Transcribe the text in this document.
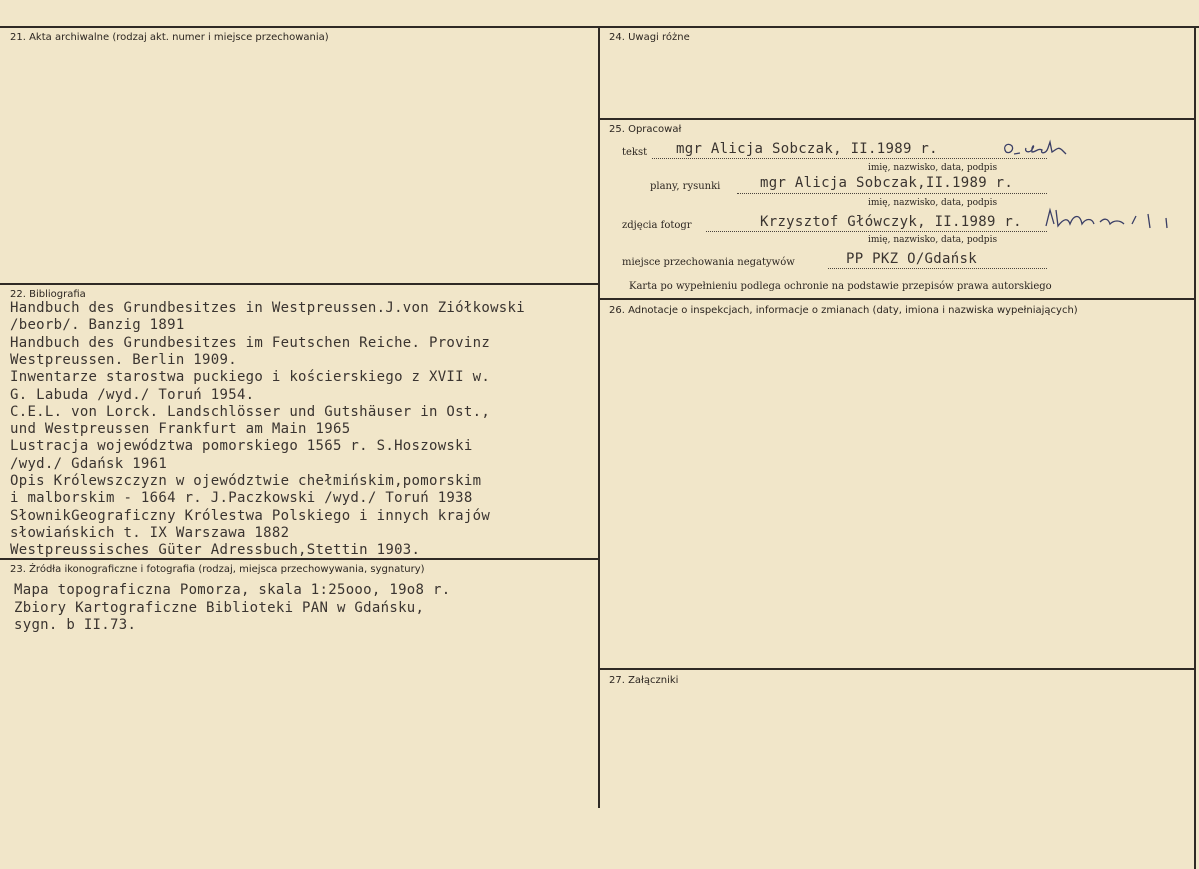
21. Akta archiwalne (rodzaj akt. numer i miejsce przechowania)	24. Uwagi różne
25. Opracował
tekst mgr Alicja Sobczak, II.1989 r.
imię, nazwisko, data, podpis
plany, rysunki	mgr Alicja Sobczak,II.1989 r.
imię, nazwisko, data, podpis
zdjęcia fotogr	Krzysztof Główczyk, II.1989 r.
imię, nazwisko, data, podpis
miejsce przechowania negatywów	PP PKZ O/Gdańsk
Karta po wypełnieniu podlega ochronie na podstawie przepisów prawa autorskiego
22. Bibliografia
Handbuch des Grundbesitzes in Westpreussen.J.von Ziółkowski
/beorb/. Banzig 1891
Handbuch des Grundbesitzes im Feutschen Reiche. Provinz
Westpreussen. Berlin 1909.
Inwentarze starostwa puckiego i kościerskiego z XVII w.
G. Labuda /wyd./ Toruń 1954.
C.E.L. von Lorck. Landschlösser und Gutshäuser in Ost.,
und Westpreussen Frankfurt am Main 1965
Lustracja województwa pomorskiego 1565 r. S.Hoszowski
/wyd./ Gdańsk 1961
Opis Królewszczyzn w ojewództwie chełmińskim,pomorskim
i malborskim - 1664 r. J.Paczkowski /wyd./ Toruń 1938
SłownikGeograficzny Królestwa Polskiego i innych krajów
słowiańskich t. IX Warszawa 1882
Westpreussisches Güter Adressbuch,Stettin 1903.
23. Źródła ikonograficzne i fotografia (rodzaj, miejsca przechowywania, sygnatury)
Mapa topograficzna Pomorza, skala 1:25ooo, 19o8 r.
Zbiory Kartograficzne Biblioteki PAN w Gdańsku,
sygn. b II.73.
26. Adnotacje o inspekcjach, informacje o zmianach (daty, imiona i nazwiska wypełniających)
27. Załączniki
